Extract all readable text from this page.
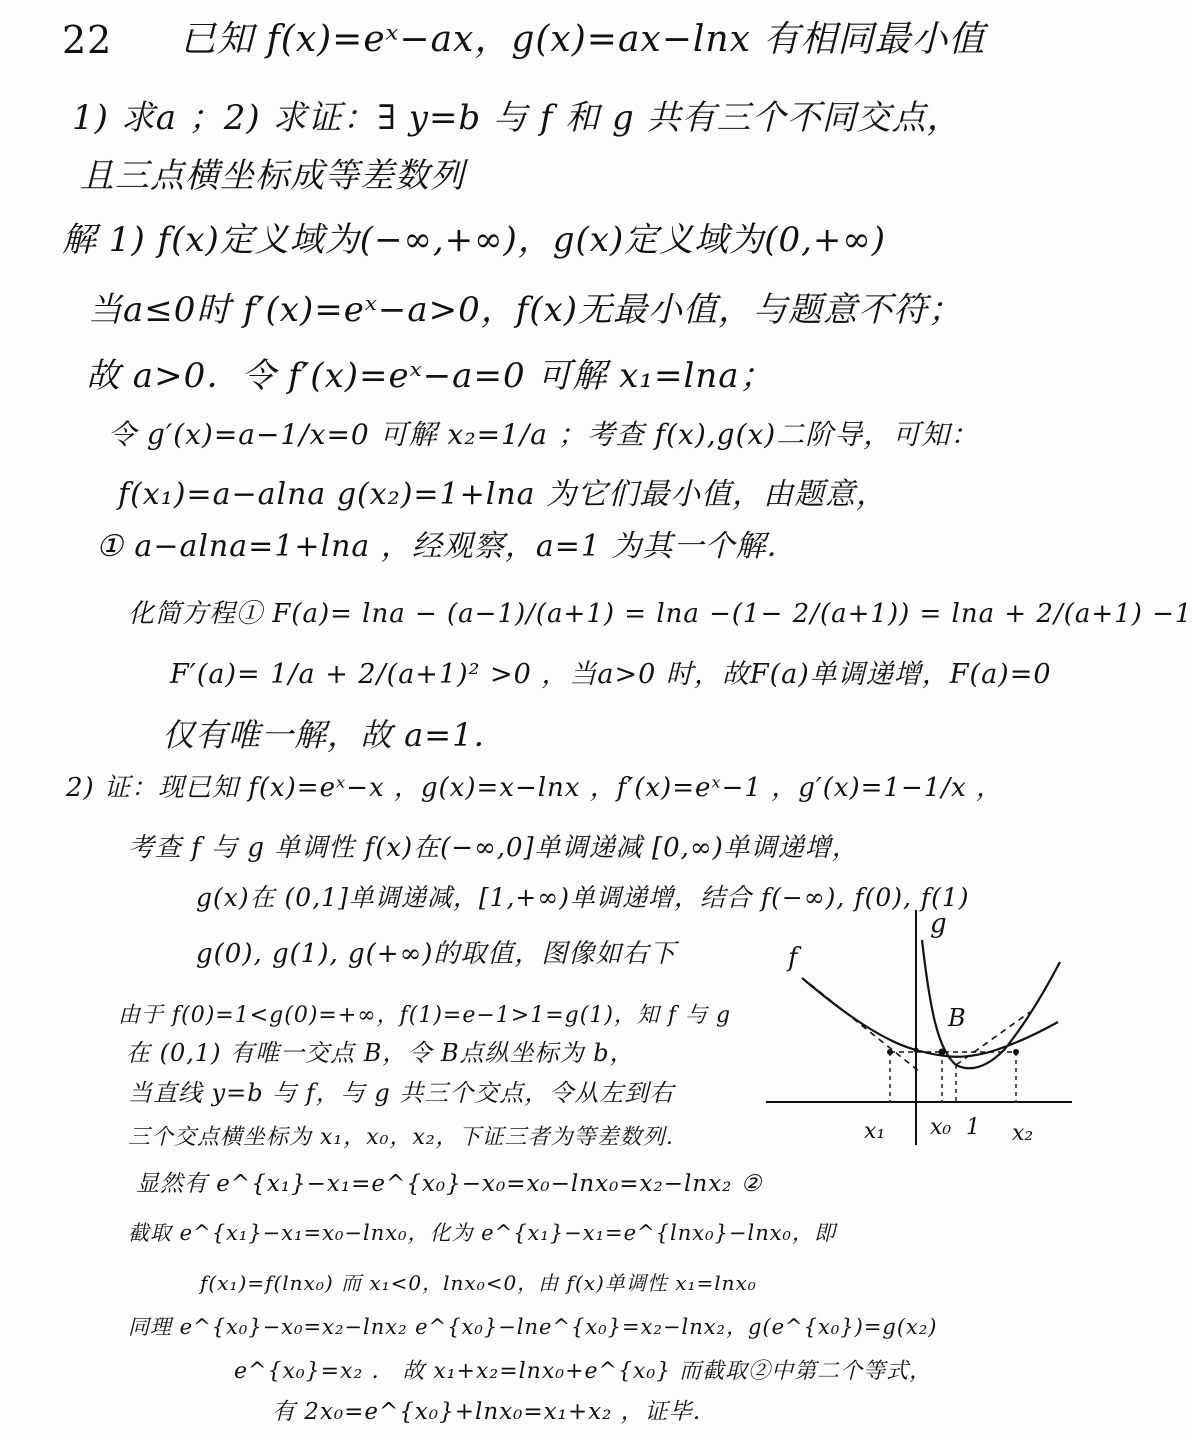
22 已知 f(x)=eˣ−ax，g(x)=ax−lnx 有相同最小值
1) 求a ；2) 求证：∃ y=b 与 f 和 g 共有三个不同交点，
且三点横坐标成等差数列
解 1) f(x)定义域为(−∞,+∞)，g(x)定义域为(0,+∞)
当a≤0时 f′(x)=eˣ−a>0，f(x)无最小值，与题意不符；
故 a>0．令 f′(x)=eˣ−a=0 可解 x₁=lna；
令 g′(x)=a−1/x=0 可解 x₂=1/a ；考查 f(x),g(x)二阶导，可知：
f(x₁)=a−alna g(x₂)=1+lna 为它们最小值，由题意，
① a−alna=1+lna ，经观察，a=1 为其一个解．
化简方程① F(a)= lna − (a−1)/(a+1) = lna −(1− 2/(a+1)) = lna + 2/(a+1) −1
F′(a)= 1/a + 2/(a+1)² >0 ，当a>0 时，故F(a)单调递增，F(a)=0
仅有唯一解，故 a=1．
2) 证：现已知 f(x)=eˣ−x ，g(x)=x−lnx ，f′(x)=eˣ−1 ，g′(x)=1−1/x ，
考查 f 与 g 单调性 f(x)在(−∞,0]单调递减 [0,∞)单调递增，
g(x)在 (0,1]单调递减，[1,+∞)单调递增，结合 f(−∞), f(0), f(1)
g(0), g(1), g(+∞)的取值，图像如右下
由于 f(0)=1<g(0)=+∞，f(1)=e−1>1=g(1)，知 f 与 g
在 (0,1) 有唯一交点 B，令 B点纵坐标为 b，
当直线 y=b 与 f，与 g 共三个交点，令从左到右
三个交点横坐标为 x₁，x₀，x₂，下证三者为等差数列．
显然有 e^{x₁}−x₁=e^{x₀}−x₀=x₀−lnx₀=x₂−lnx₂ ②
截取 e^{x₁}−x₁=x₀−lnx₀，化为 e^{x₁}−x₁=e^{lnx₀}−lnx₀，即
f(x₁)=f(lnx₀) 而 x₁<0，lnx₀<0，由 f(x)单调性 x₁=lnx₀
同理 e^{x₀}−x₀=x₂−lnx₂ e^{x₀}−lne^{x₀}=x₂−lnx₂，g(e^{x₀})=g(x₂)
e^{x₀}=x₂ ． 故 x₁+x₂=lnx₀+e^{x₀} 而截取②中第二个等式，
有 2x₀=e^{x₀}+lnx₀=x₁+x₂ ，证毕．
f
g
B
x₁ x₀ 1 x₂
